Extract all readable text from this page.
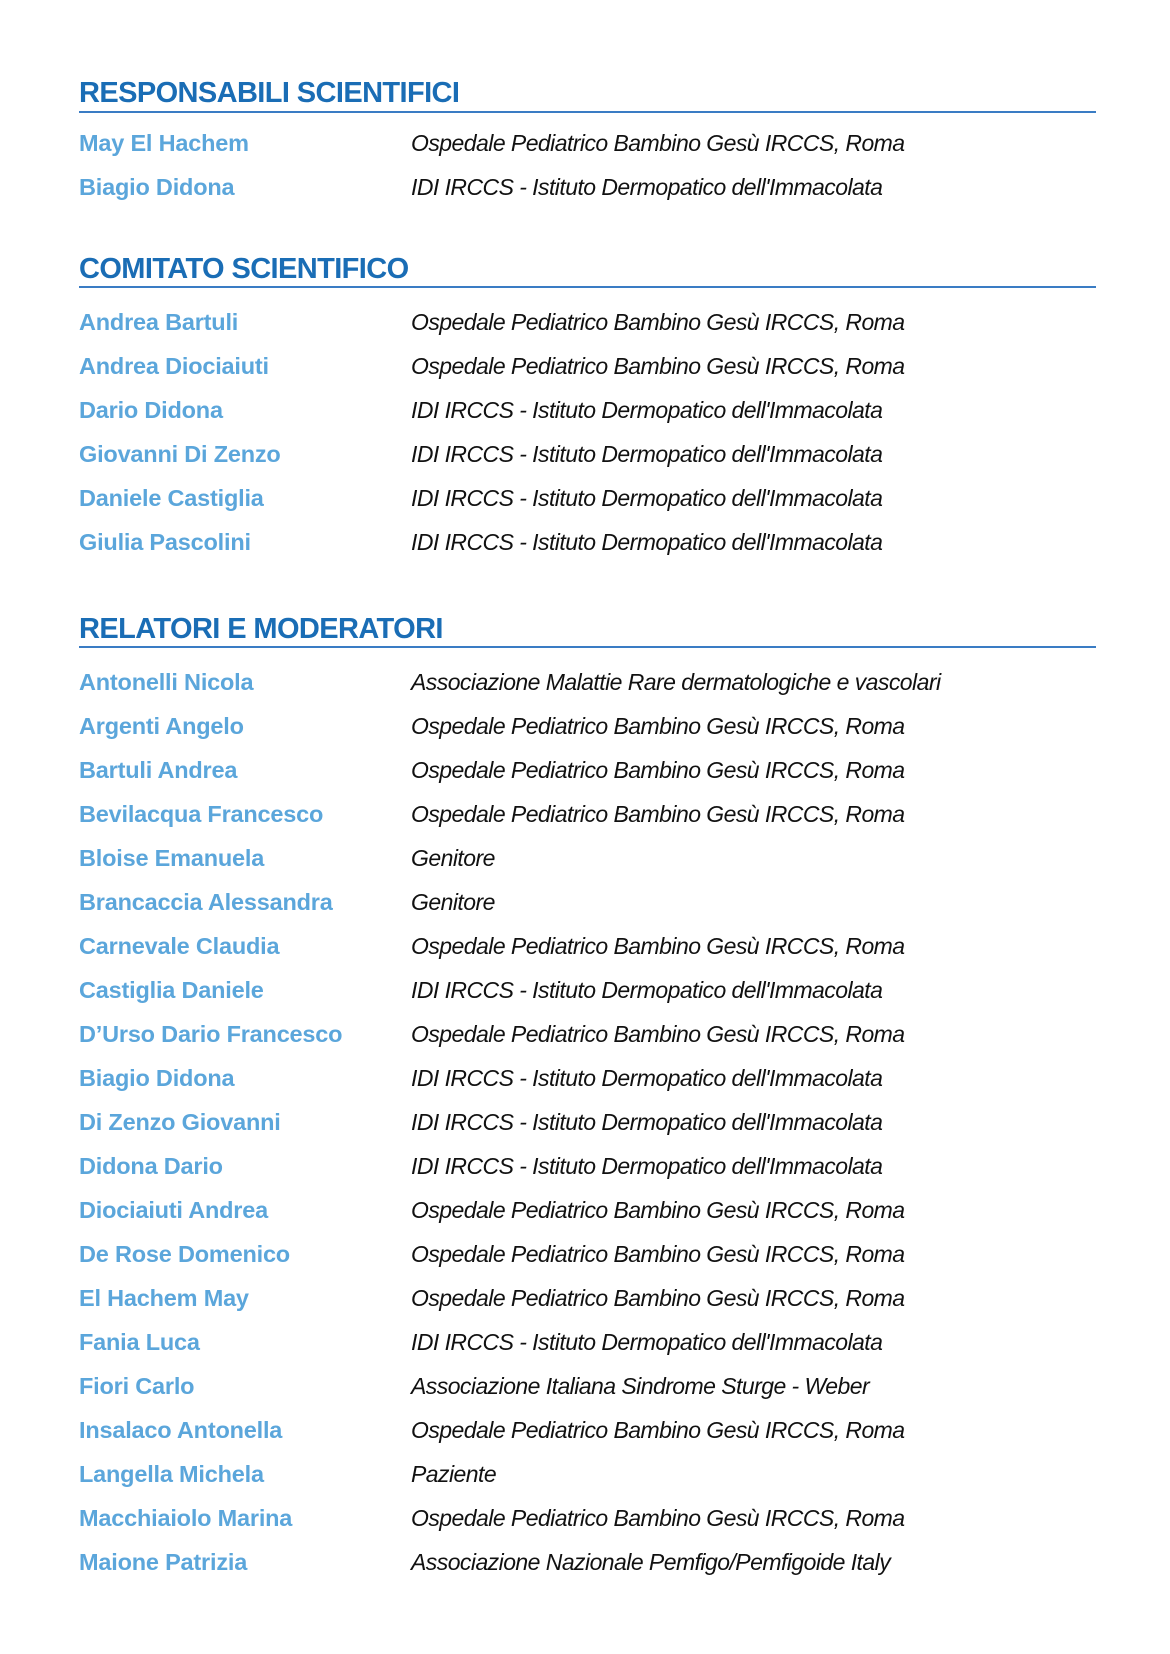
RESPONSABILI SCIENTIFICI
May El Hachem	Ospedale Pediatrico Bambino Gesù IRCCS, Roma
Biagio Didona	IDI IRCCS - Istituto Dermopatico dell'Immacolata
COMITATO SCIENTIFICO
Andrea Bartuli	Ospedale Pediatrico Bambino Gesù IRCCS, Roma
Andrea Diociaiuti	Ospedale Pediatrico Bambino Gesù IRCCS, Roma
Dario Didona	IDI IRCCS - Istituto Dermopatico dell'Immacolata
Giovanni Di Zenzo	IDI IRCCS - Istituto Dermopatico dell'Immacolata
Daniele Castiglia	IDI IRCCS - Istituto Dermopatico dell'Immacolata
Giulia Pascolini	IDI IRCCS - Istituto Dermopatico dell'Immacolata
RELATORI E MODERATORI
Antonelli Nicola	Associazione Malattie Rare dermatologiche e vascolari
Argenti Angelo	Ospedale Pediatrico Bambino Gesù IRCCS, Roma
Bartuli Andrea	Ospedale Pediatrico Bambino Gesù IRCCS, Roma
Bevilacqua Francesco	Ospedale Pediatrico Bambino Gesù IRCCS, Roma
Bloise Emanuela	Genitore
Brancaccia Alessandra	Genitore
Carnevale Claudia	Ospedale Pediatrico Bambino Gesù IRCCS, Roma
Castiglia Daniele	IDI IRCCS - Istituto Dermopatico dell'Immacolata
D’Urso Dario Francesco	Ospedale Pediatrico Bambino Gesù IRCCS, Roma
Biagio Didona	IDI IRCCS - Istituto Dermopatico dell'Immacolata
Di Zenzo Giovanni	IDI IRCCS - Istituto Dermopatico dell'Immacolata
Didona Dario	IDI IRCCS - Istituto Dermopatico dell'Immacolata
Diociaiuti Andrea	Ospedale Pediatrico Bambino Gesù IRCCS, Roma
De Rose Domenico	Ospedale Pediatrico Bambino Gesù IRCCS, Roma
El Hachem May	Ospedale Pediatrico Bambino Gesù IRCCS, Roma
Fania Luca	IDI IRCCS - Istituto Dermopatico dell'Immacolata
Fiori Carlo	Associazione Italiana Sindrome Sturge - Weber
Insalaco Antonella	Ospedale Pediatrico Bambino Gesù IRCCS, Roma
Langella Michela	Paziente
Macchiaiolo Marina	Ospedale Pediatrico Bambino Gesù IRCCS, Roma
Maione Patrizia	Associazione Nazionale Pemfigo/Pemfigoide Italy
